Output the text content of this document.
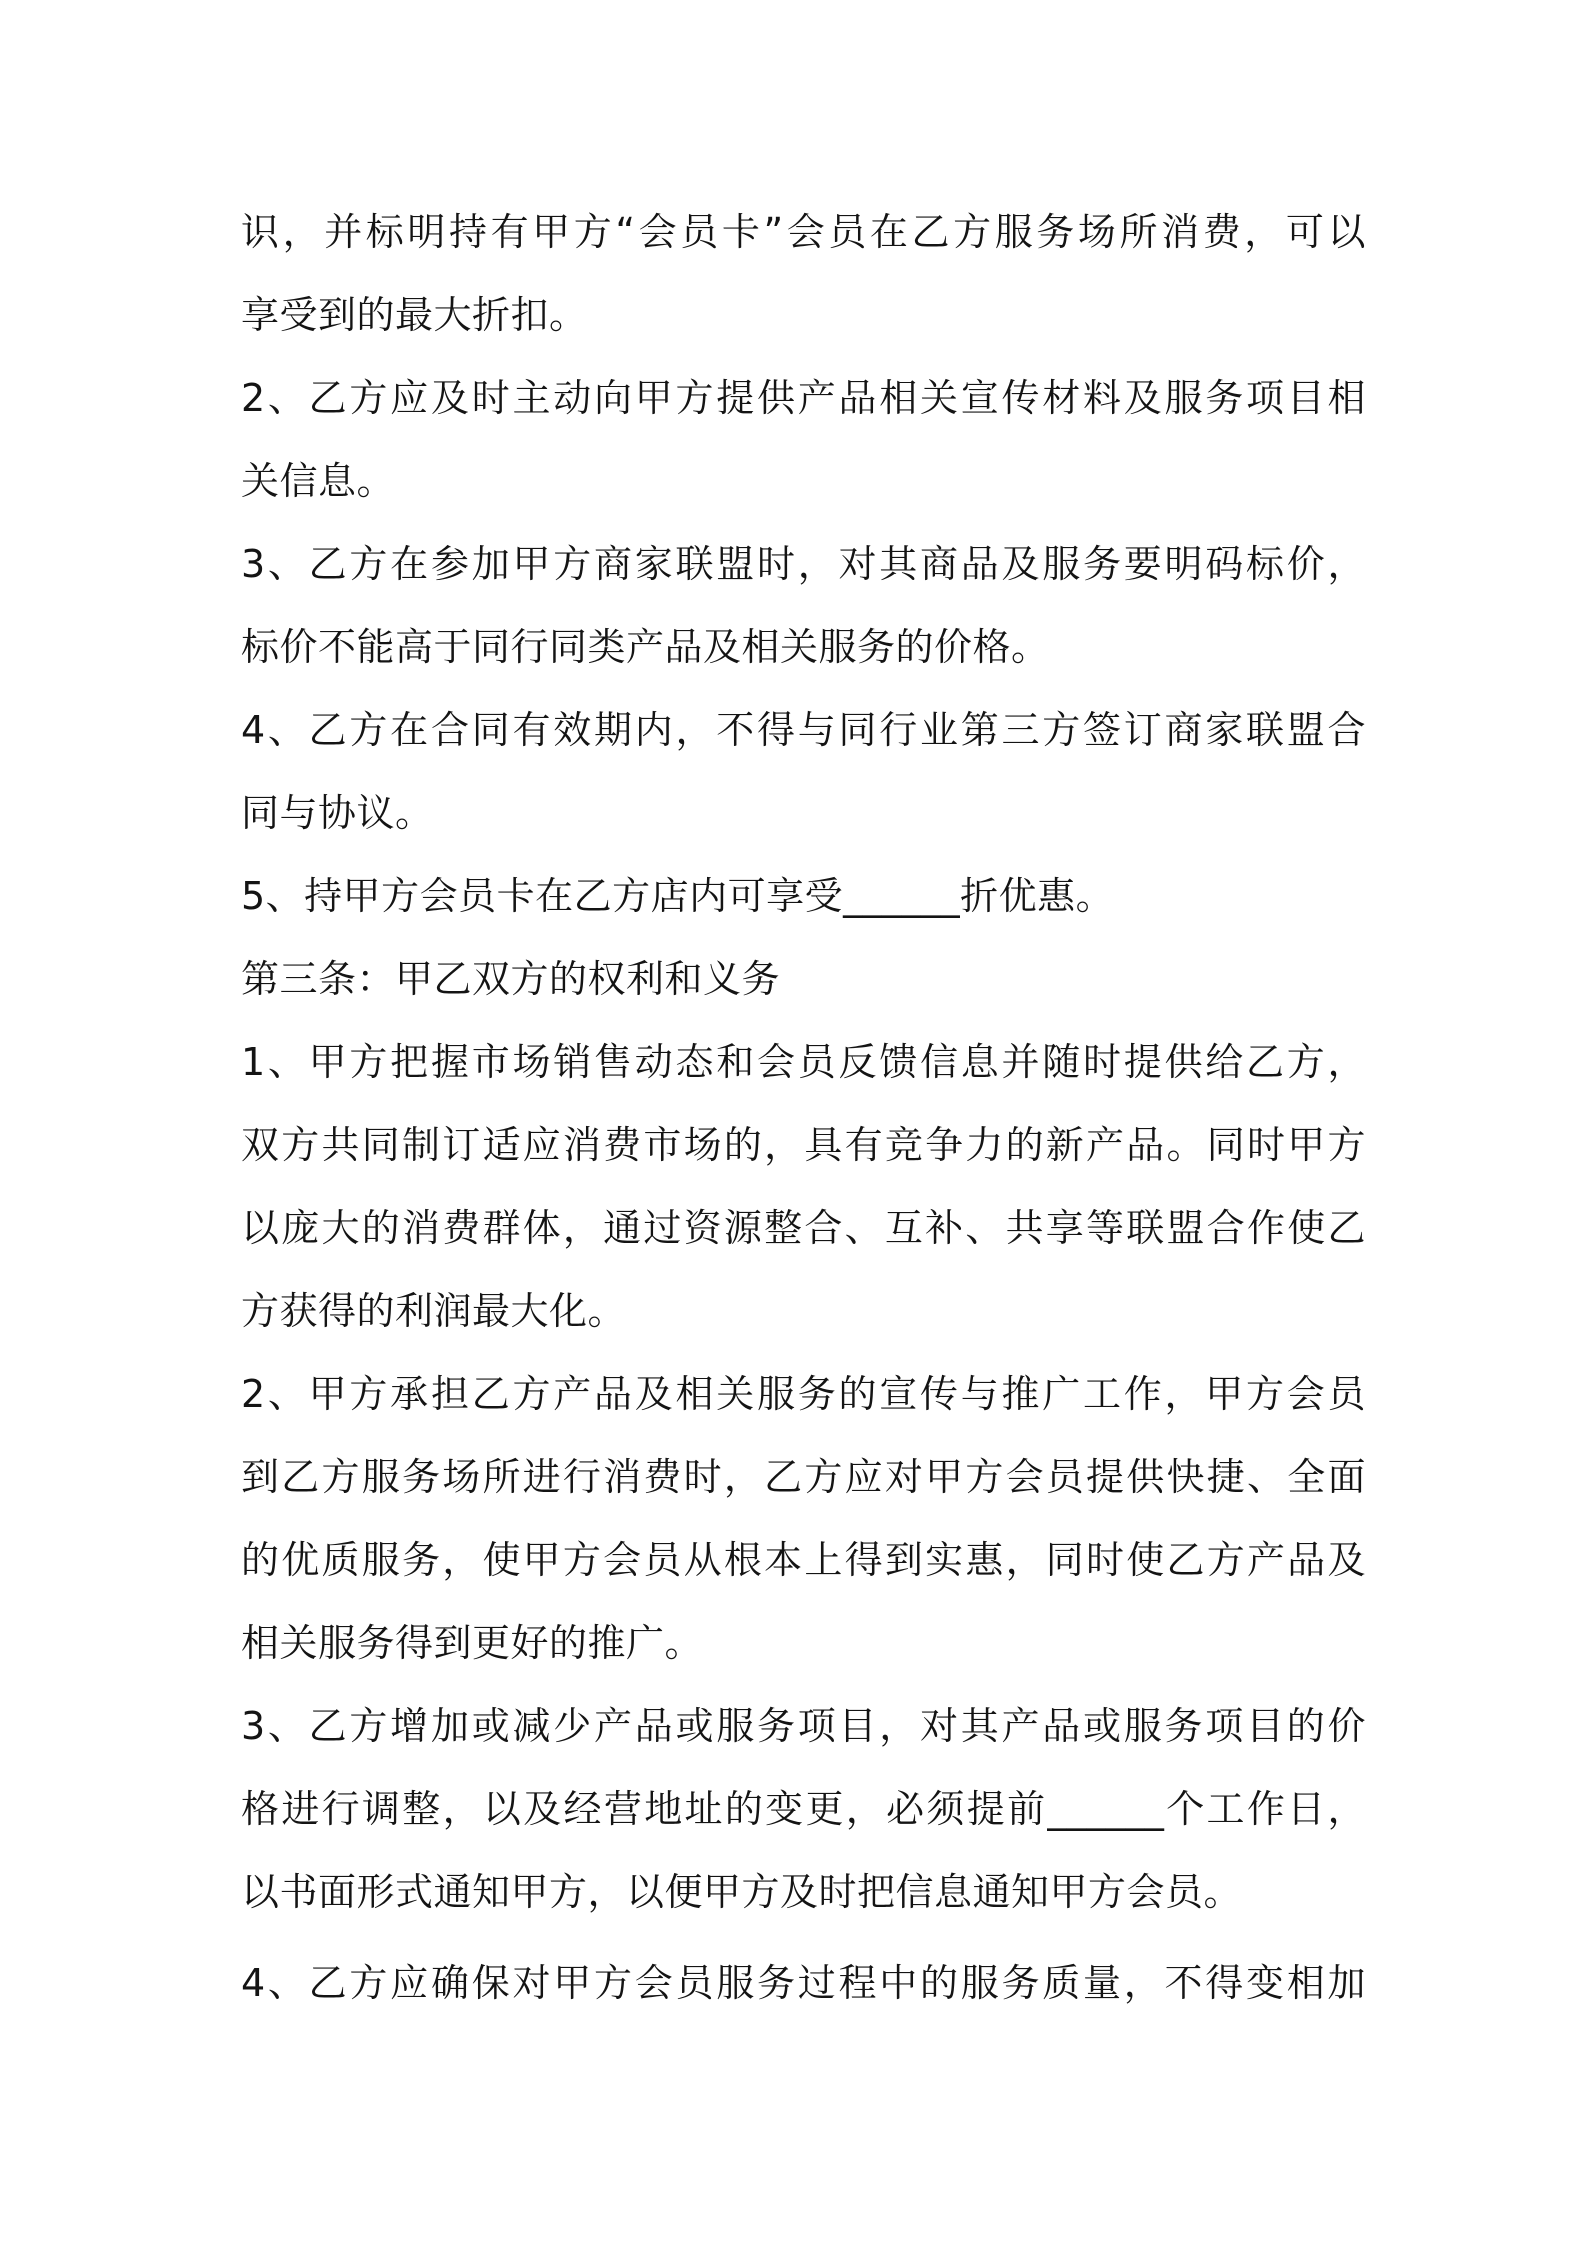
识，并标明持有甲方“会员卡”会员在乙方服务场所消费，可以
享受到的最大折扣。
2、乙方应及时主动向甲方提供产品相关宣传材料及服务项目相
关信息。
3、乙方在参加甲方商家联盟时，对其商品及服务要明码标价，
标价不能高于同行同类产品及相关服务的价格。
4、乙方在合同有效期内，不得与同行业第三方签订商家联盟合
同与协议。
5、持甲方会员卡在乙方店内可享受______折优惠。
第三条：甲乙双方的权利和义务
1、甲方把握市场销售动态和会员反馈信息并随时提供给乙方，
双方共同制订适应消费市场的，具有竞争力的新产品。同时甲方
以庞大的消费群体，通过资源整合、互补、共享等联盟合作使乙
方获得的利润最大化。
2、甲方承担乙方产品及相关服务的宣传与推广工作，甲方会员
到乙方服务场所进行消费时，乙方应对甲方会员提供快捷、全面
的优质服务，使甲方会员从根本上得到实惠，同时使乙方产品及
相关服务得到更好的推广。
3、乙方增加或减少产品或服务项目，对其产品或服务项目的价
格进行调整，以及经营地址的变更，必须提前______个工作日，
以书面形式通知甲方，以便甲方及时把信息通知甲方会员。
4、乙方应确保对甲方会员服务过程中的服务质量，不得变相加
